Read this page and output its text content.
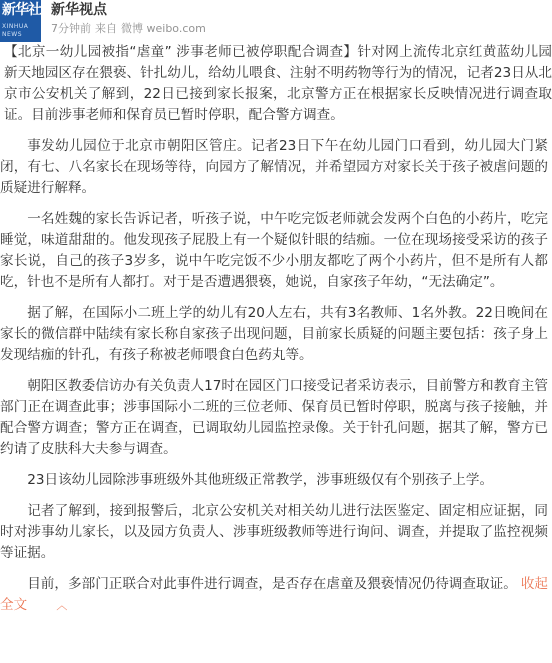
新华社
XINHUA NEWS
新华视点
7分钟前 来自 微博 weibo.com

【北京一幼儿园被指“虐童” 涉事老师已被停职配合调查】针对网上流传北京红黄蓝幼儿园新天地园区存在猥亵、针扎幼儿，给幼儿喂食、注射不明药物等行为的情况，记者23日从北京市公安机关了解到，22日已接到家长报案，北京警方正在根据家长反映情况进行调查取证。目前涉事老师和保育员已暂时停职，配合警方调查。

事发幼儿园位于北京市朝阳区管庄。记者23日下午在幼儿园门口看到，幼儿园大门紧闭，有七、八名家长在现场等待，向园方了解情况，并希望园方对家长关于孩子被虐问题的质疑进行解释。

一名姓魏的家长告诉记者，听孩子说，中午吃完饭老师就会发两个白色的小药片，吃完睡觉，味道甜甜的。他发现孩子屁股上有一个疑似针眼的结痂。一位在现场接受采访的孩子家长说，自己的孩子3岁多，说中午吃完饭不少小朋友都吃了两个小药片，但不是所有人都吃，针也不是所有人都打。对于是否遭遇猥亵，她说，自家孩子年幼，“无法确定”。

据了解，在国际小二班上学的幼儿有20人左右，共有3名教师、1名外教。22日晚间在家长的微信群中陆续有家长称自家孩子出现问题，目前家长质疑的问题主要包括：孩子身上发现结痂的针孔，有孩子称被老师喂食白色药丸等。

朝阳区教委信访办有关负责人17时在园区门口接受记者采访表示，目前警方和教育主管部门正在调查此事；涉事国际小二班的三位老师、保育员已暂时停职，脱离与孩子接触，并配合警方调查；警方正在调查，已调取幼儿园监控录像。关于针孔问题，据其了解，警方已约请了皮肤科大夫参与调查。

23日该幼儿园除涉事班级外其他班级正常教学，涉事班级仅有个别孩子上学。

记者了解到，接到报警后，北京公安机关对相关幼儿进行法医鉴定、固定相应证据，同时对涉事幼儿家长，以及园方负责人、涉事班级教师等进行询问、调查，并提取了监控视频等证据。

目前，多部门正联合对此事件进行调查，是否存在虐童及猥亵情况仍待调查取证。 收起全文	︿
